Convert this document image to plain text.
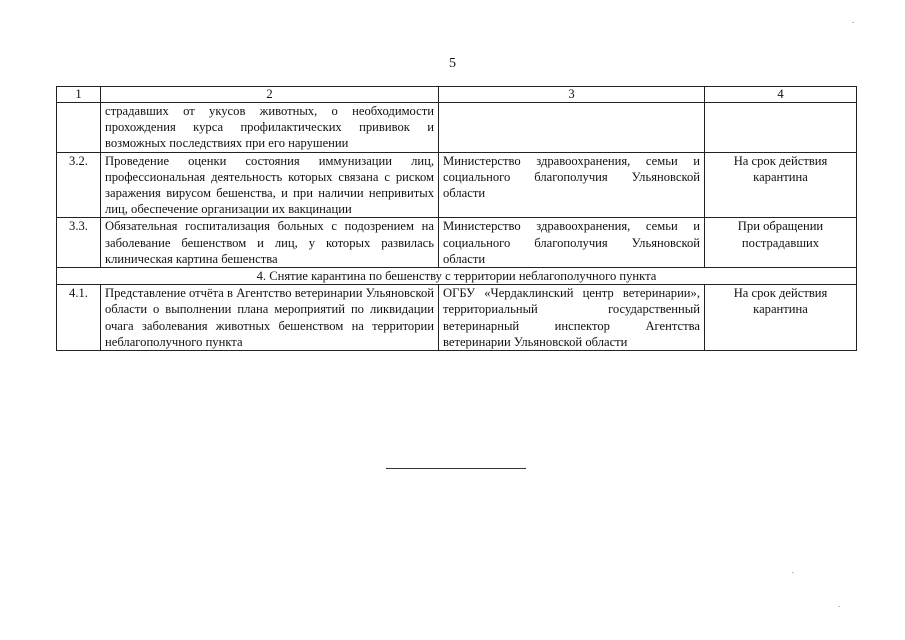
5
1	2	3	4
	страдавших от укусов животных, о необходимости прохождения курса профилактических прививок и возможных последствиях при его нарушении		
3.2.	Проведение оценки состояния иммунизации лиц, профессиональная деятельность которых связана с риском заражения вирусом бешенства, и при наличии непривитых лиц, обеспечение организации их вакцинации	Министерство здравоохранения, семьи и социального благополучия Ульяновской области	На срок действия карантина
3.3.	Обязательная госпитализация больных с подозрением на заболевание бешенством и лиц, у которых развилась клиническая картина бешенства	Министерство здравоохранения, семьи и социального благополучия Ульяновской области	При обращении пострадавших
4. Снятие карантина по бешенству с территории неблагополучного пункта			
4.1.	Представление отчёта в Агентство ветеринарии Ульяновской области о выполнении плана мероприятий по ликвидации очага заболевания животных бешенством на территории неблагополучного пункта	ОГБУ «Чердаклинский центр ветеринарии», территориальный государственный ветеринарный инспектор Агентства ветеринарии Ульяновской области	На срок действия карантина
